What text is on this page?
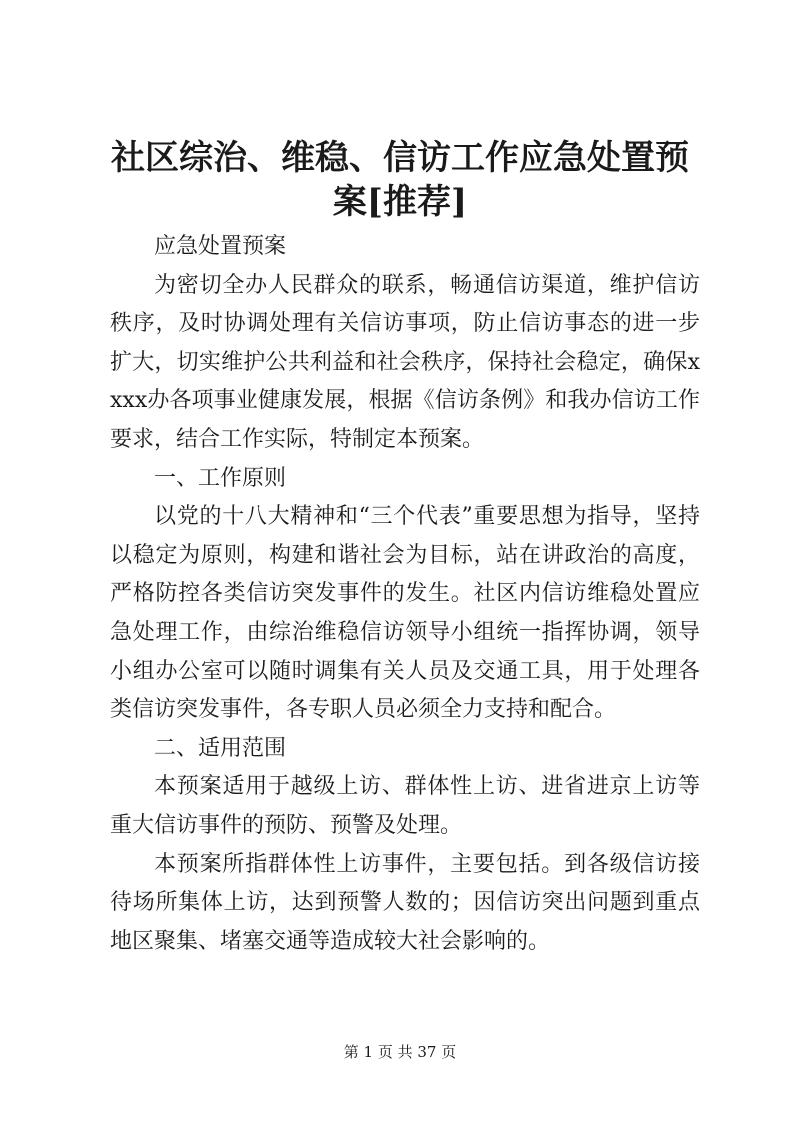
社区综治、维稳、信访工作应急处置预案[推荐]

应急处置预案

为密切全办人民群众的联系，畅通信访渠道，维护信访秩序，及时协调处理有关信访事项，防止信访事态的进一步扩大，切实维护公共利益和社会秩序，保持社会稳定，确保xxxx办各项事业健康发展，根据《信访条例》和我办信访工作要求，结合工作实际，特制定本预案。

一、工作原则

以党的十八大精神和“三个代表”重要思想为指导，坚持以稳定为原则，构建和谐社会为目标，站在讲政治的高度，严格防控各类信访突发事件的发生。社区内信访维稳处置应急处理工作，由综治维稳信访领导小组统一指挥协调，领导小组办公室可以随时调集有关人员及交通工具，用于处理各类信访突发事件，各专职人员必须全力支持和配合。

二、适用范围

本预案适用于越级上访、群体性上访、进省进京上访等重大信访事件的预防、预警及处理。

本预案所指群体性上访事件，主要包括。到各级信访接待场所集体上访，达到预警人数的；因信访突出问题到重点地区聚集、堵塞交通等造成较大社会影响的。

第 1 页 共 37 页
